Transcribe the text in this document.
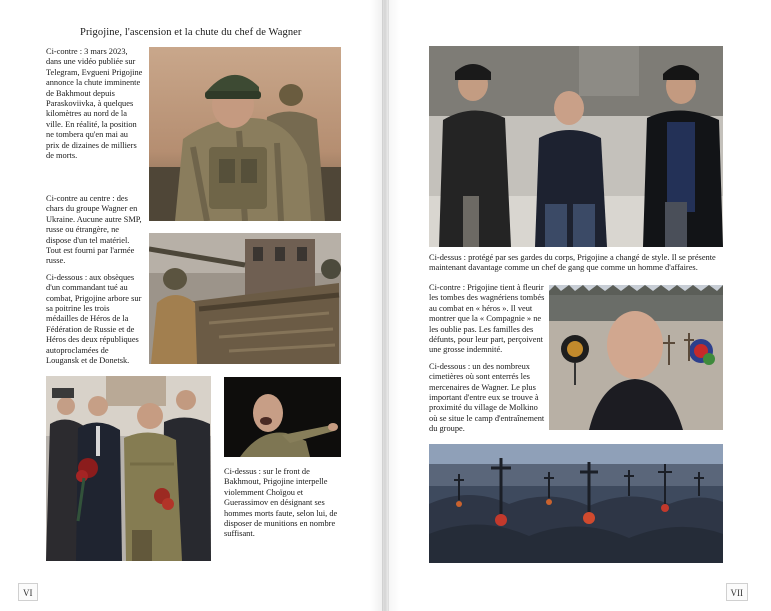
Prigojine, l'ascension et la chute du chef de Wagner

Ci-contre : 3 mars 2023, dans une vidéo publiée sur Telegram, Evgueni Prigojine annonce la chute imminente de Bakhmout depuis Paraskoviivka, à quelques kilomètres au nord de la ville. En réalité, la position ne tombera qu'en mai au prix de dizaines de milliers de morts.

Ci-contre au centre : des chars du groupe Wagner en Ukraine. Aucune autre SMP, russe ou étrangère, ne dispose d'un tel matériel. Tout est fourni par l'armée russe.

Ci-dessous : aux obsèques d'un commandant tué au combat, Prigojine arbore sur sa poitrine les trois médailles de Héros de la Fédération de Russie et de Héros des deux républiques autoproclamées de Lougansk et de Donetsk.

Ci-dessus : sur le front de Bakhmout, Prigojine interpelle violemment Choïgou et Guerassimov en désignant ses hommes morts faute, selon lui, de disposer de munitions en nombre suffisant.

VI

Ci-dessus : protégé par ses gardes du corps, Prigojine a changé de style. Il se présente maintenant davantage comme un chef de gang que comme un homme d'affaires.

Ci-contre : Prigojine tient à fleurir les tombes des wagnériens tombés au combat en « héros ». Il veut montrer que la « Compagnie » ne les oublie pas. Les familles des défunts, pour leur part, perçoivent une grosse indemnité.

Ci-dessous : un des nombreux cimetières où sont enterrés les mercenaires de Wagner. Le plus important d'entre eux se trouve à proximité du village de Molkino où se situe le camp d'entraînement du groupe.

VII
